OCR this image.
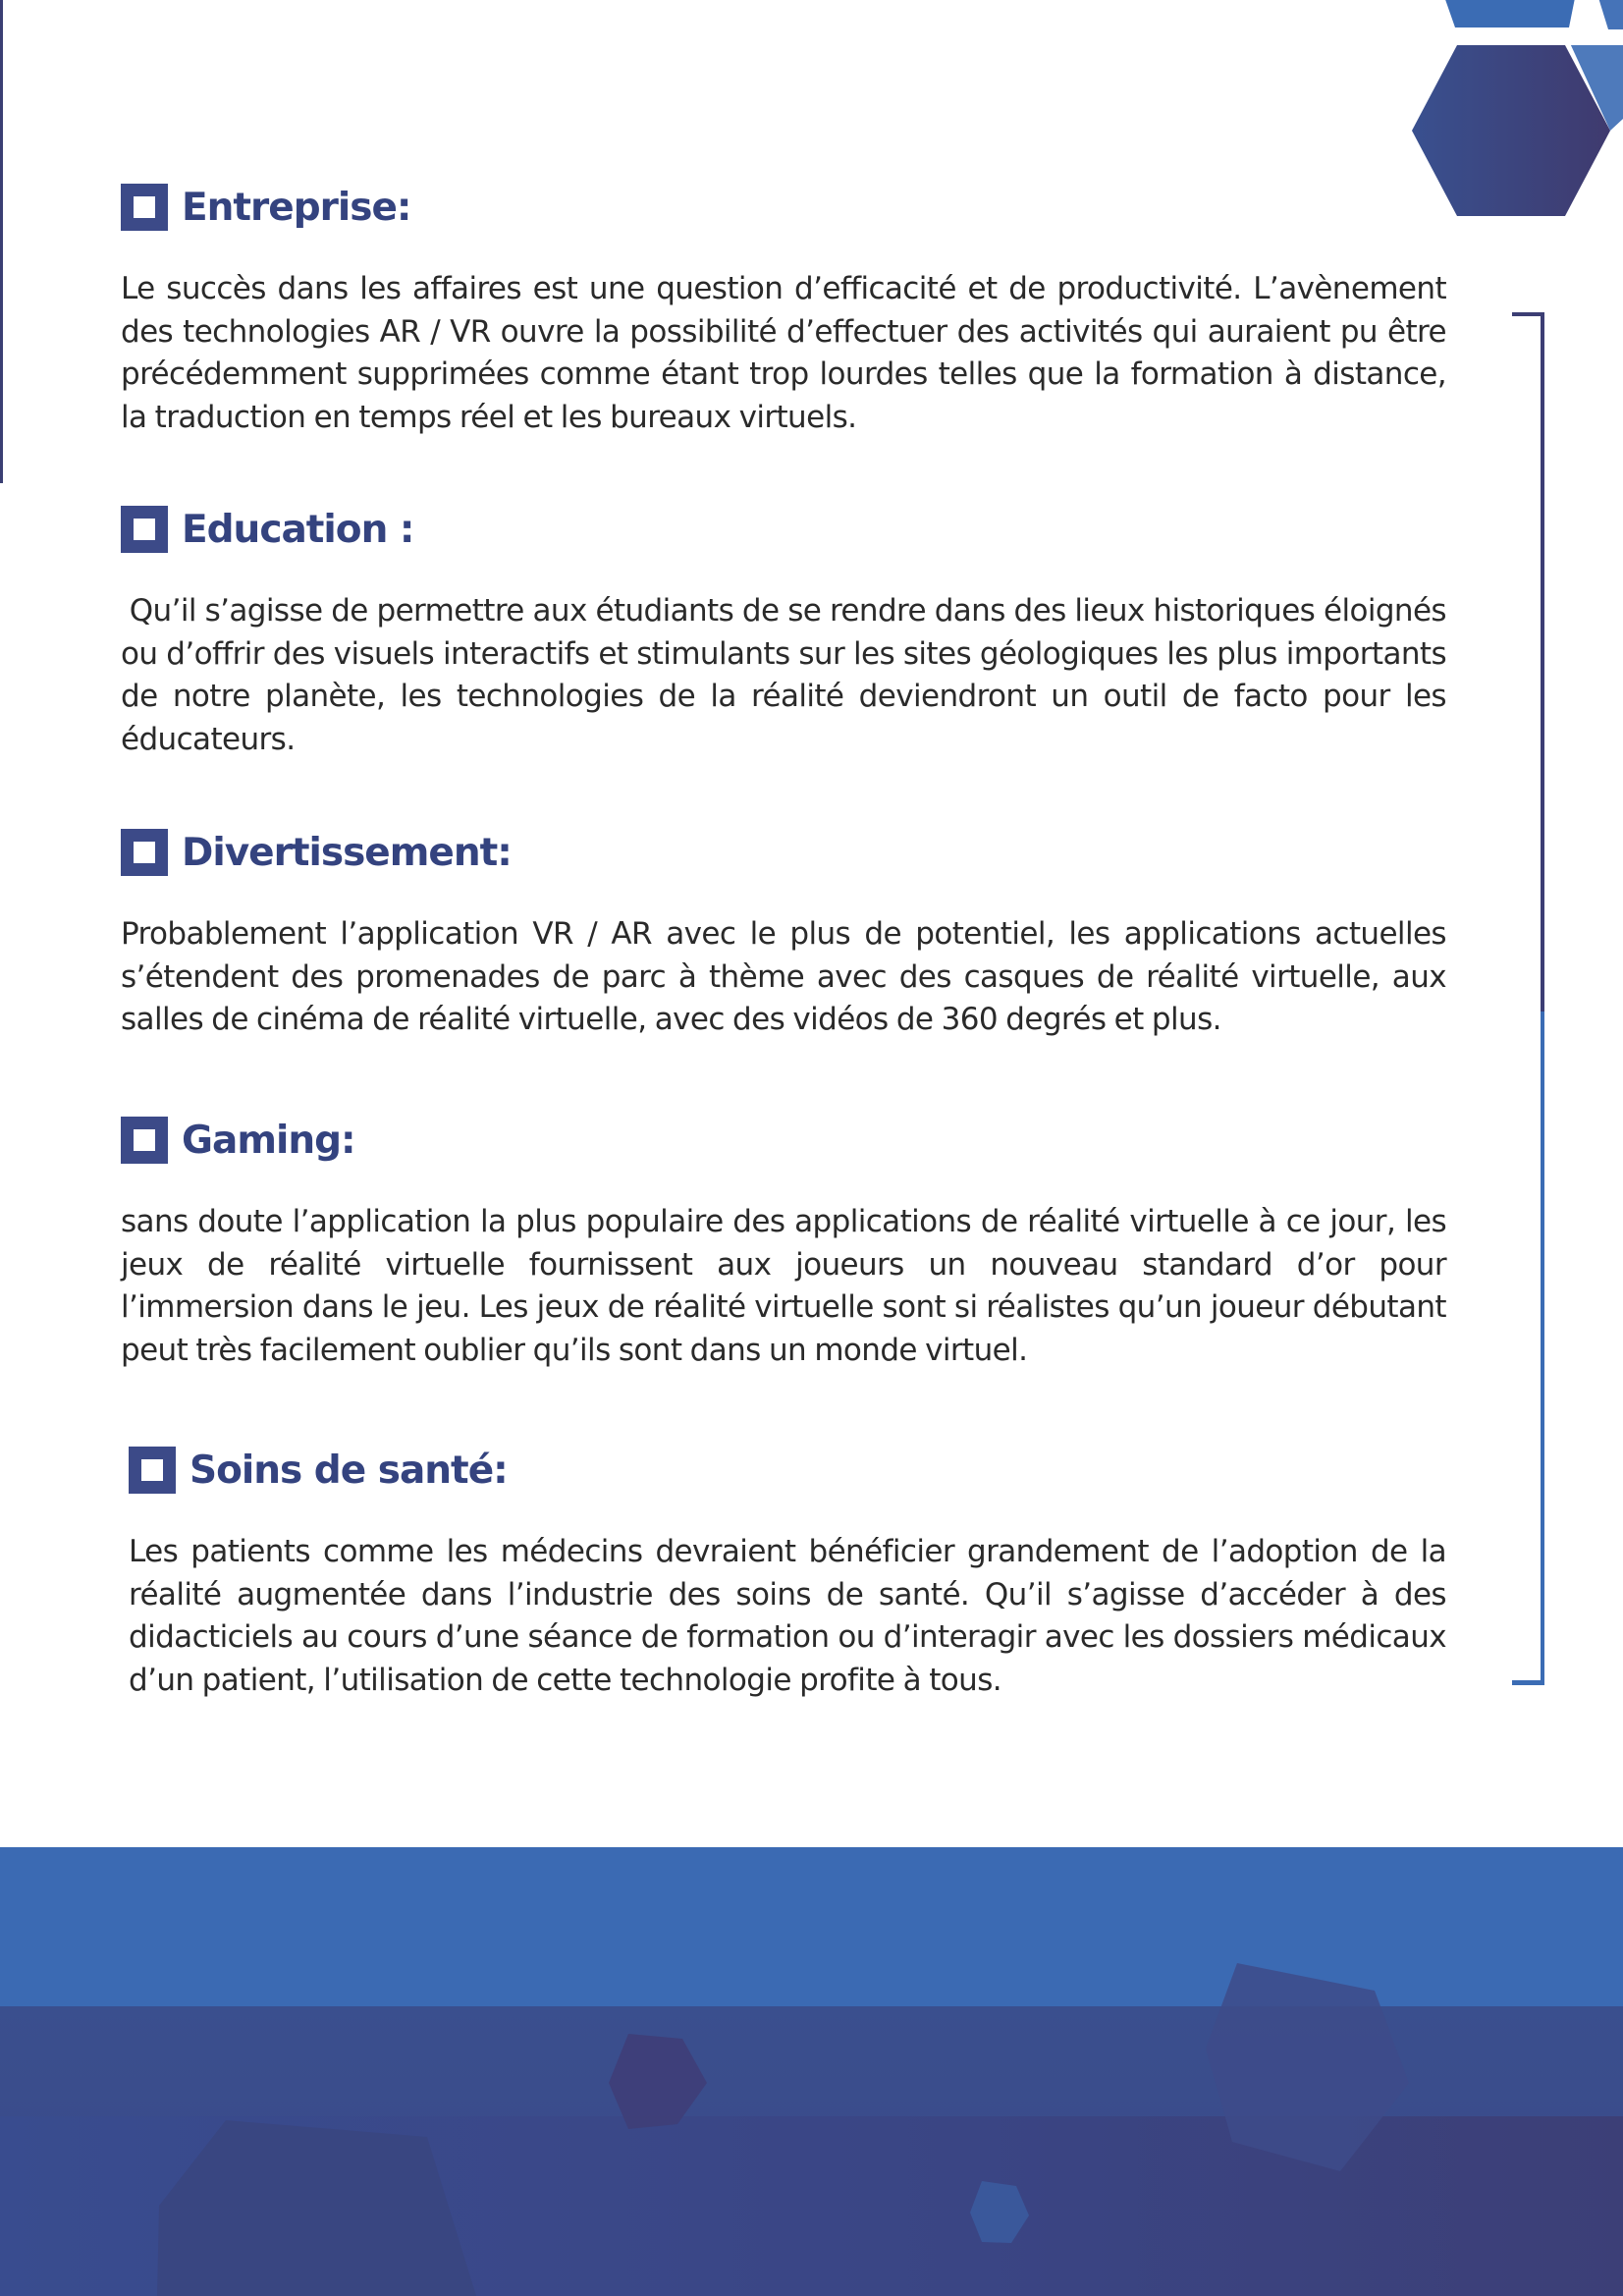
Entreprise:

Le succès dans les affaires est une question d’efficacité et de productivité. L’avènement des technologies AR / VR ouvre la possibilité d’effectuer des activités qui auraient pu être précédemment supprimées comme étant trop lourdes telles que la formation à distance, la traduction en temps réel et les bureaux virtuels.

Education :

Qu’il s’agisse de permettre aux étudiants de se rendre dans des lieux historiques éloignés ou d’offrir des visuels interactifs et stimulants sur les sites géologiques les plus importants de notre planète, les technologies de la réalité deviendront un outil de facto pour les éducateurs.

Divertissement:

Probablement l’application VR / AR avec le plus de potentiel, les applications actuelles s’étendent des promenades de parc à thème avec des casques de réalité virtuelle, aux salles de cinéma de réalité virtuelle, avec des vidéos de 360 degrés et plus.

Gaming:

sans doute l’application la plus populaire des applications de réalité virtuelle à ce jour, les jeux de réalité virtuelle fournissent aux joueurs un nouveau standard d’or pour l’immersion dans le jeu. Les jeux de réalité virtuelle sont si réalistes qu’un joueur débutant peut très facilement oublier qu’ils sont dans un monde virtuel.

Soins de santé:

Les patients comme les médecins devraient bénéficier grandement de l’adoption de la réalité augmentée dans l’industrie des soins de santé. Qu’il s’agisse d’accéder à des didacticiels au cours d’une séance de formation ou d’interagir avec les dossiers médicaux d’un patient, l’utilisation de cette technologie profite à tous.
